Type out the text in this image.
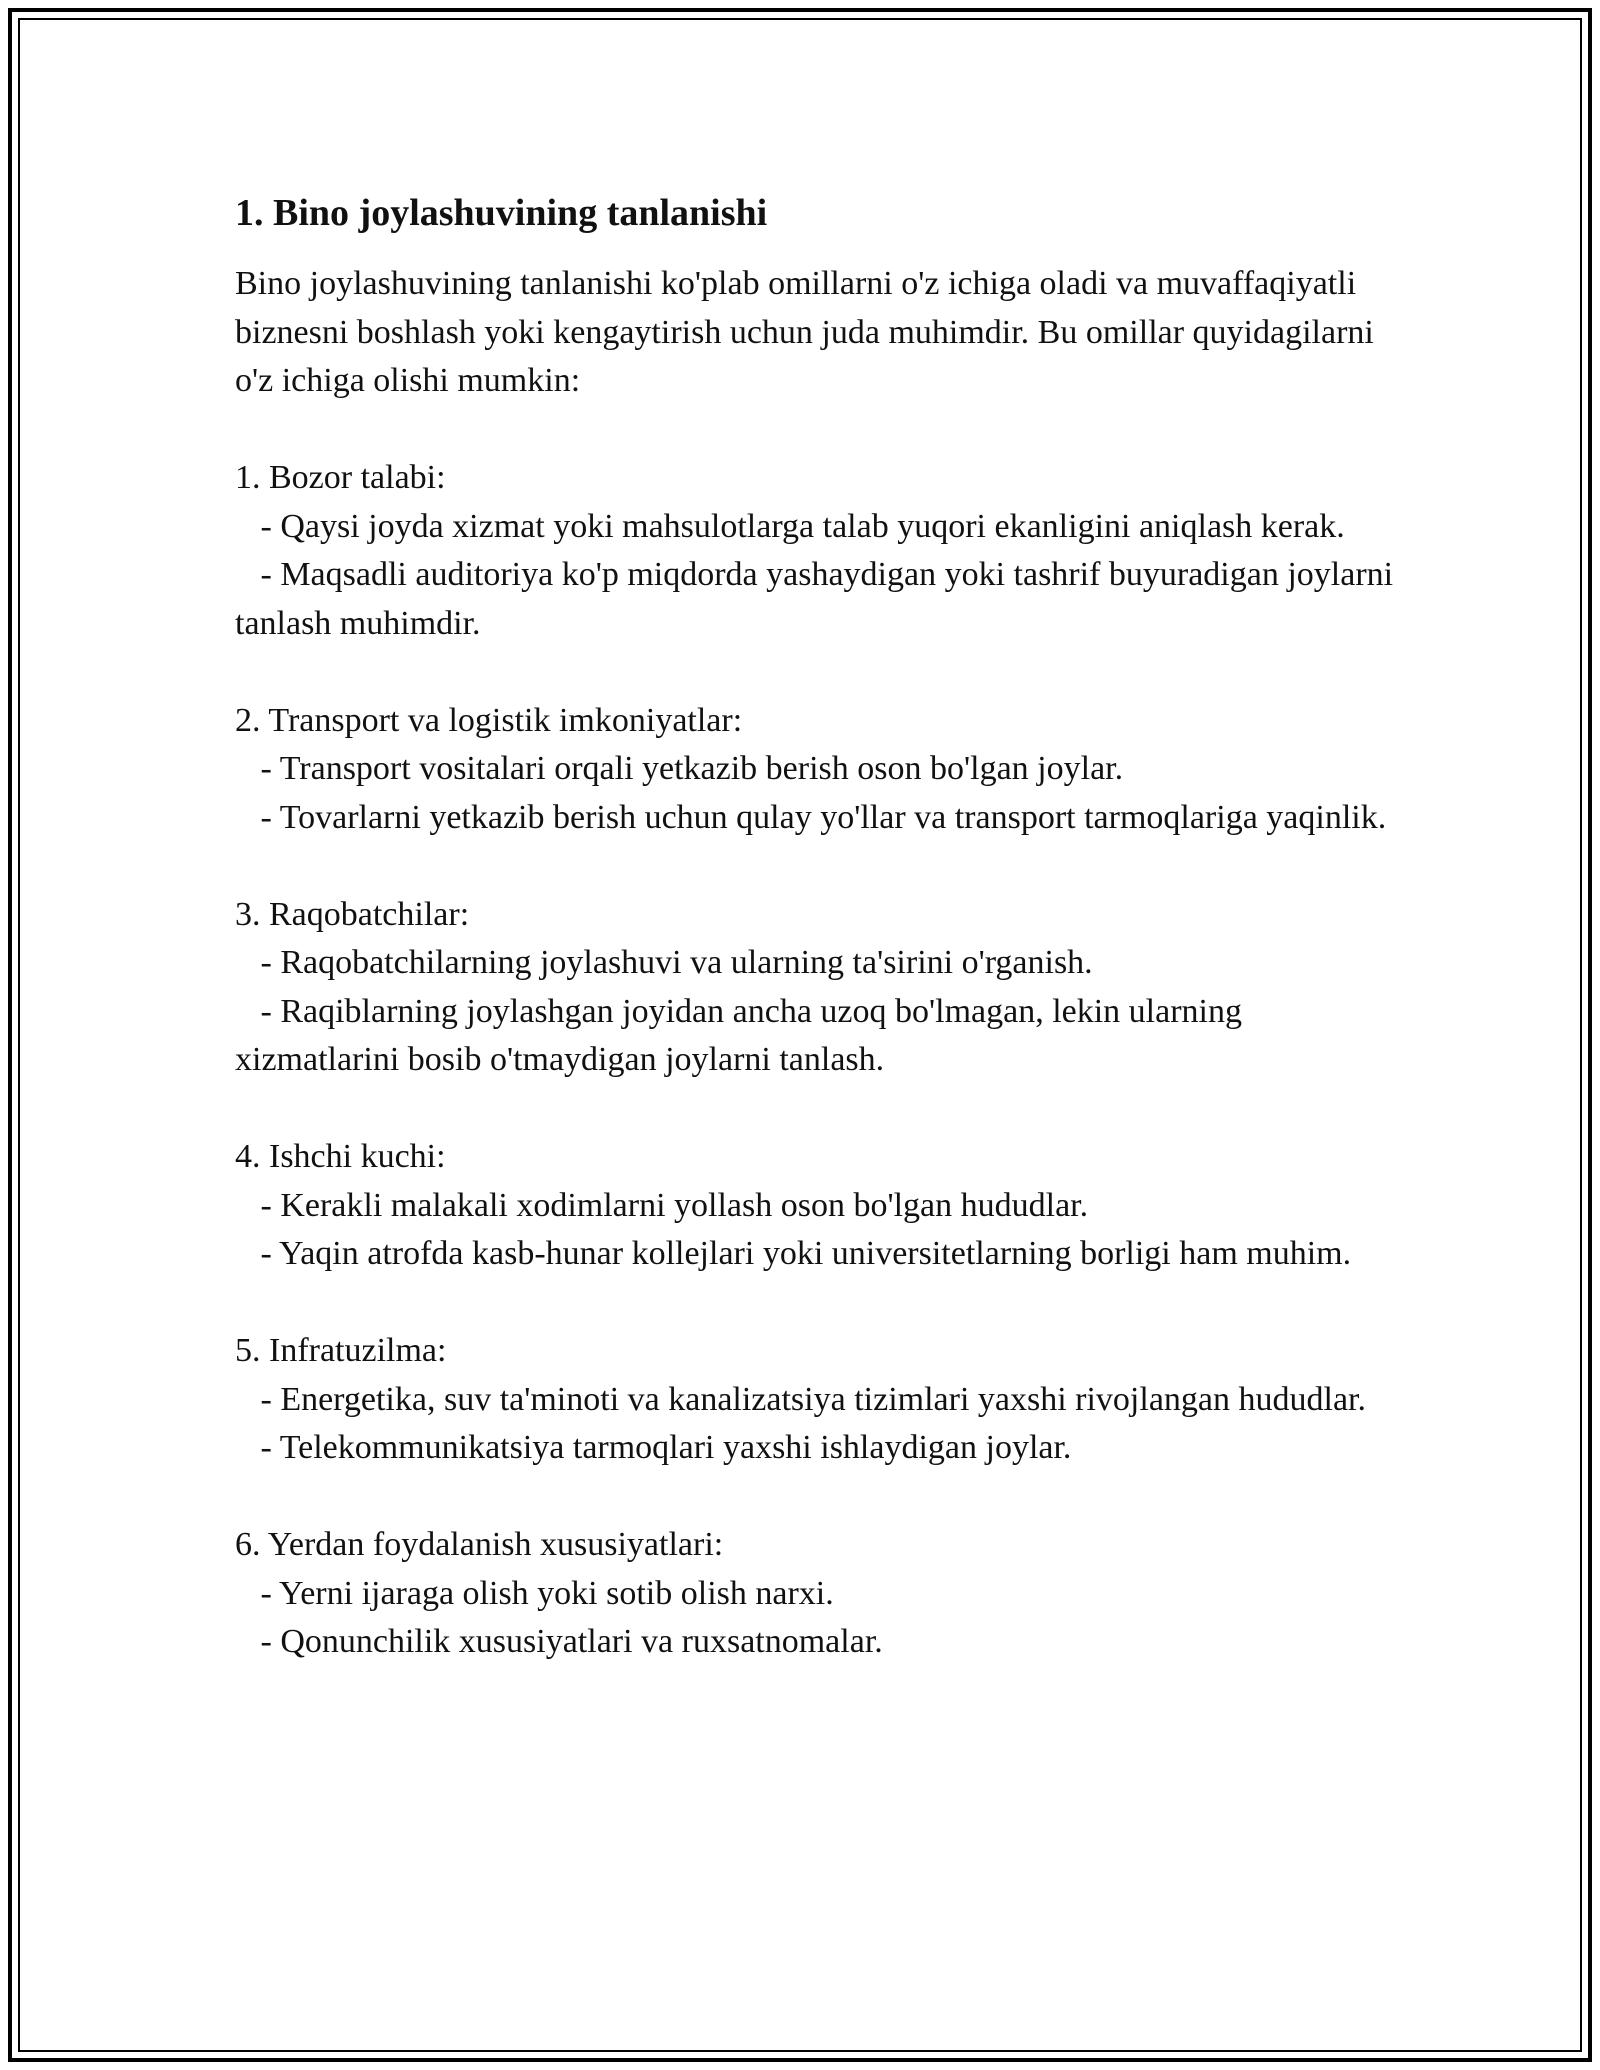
1. Bino joylashuvining tanlanishi

Bino joylashuvining tanlanishi ko'plab omillarni o'z ichiga oladi va muvaffaqiyatli biznesni boshlash yoki kengaytirish uchun juda muhimdir. Bu omillar quyidagilarni o'z ichiga olishi mumkin:

1. Bozor talabi:
- Qaysi joyda xizmat yoki mahsulotlarga talab yuqori ekanligini aniqlash kerak.
- Maqsadli auditoriya ko'p miqdorda yashaydigan yoki tashrif buyuradigan joylarni tanlash muhimdir.
2. Transport va logistik imkoniyatlar:
- Transport vositalari orqali yetkazib berish oson bo'lgan joylar.
- Tovarlarni yetkazib berish uchun qulay yo'llar va transport tarmoqlariga yaqinlik.
3. Raqobatchilar:
- Raqobatchilarning joylashuvi va ularning ta'sirini o'rganish.
- Raqiblarning joylashgan joyidan ancha uzoq bo'lmagan, lekin ularning xizmatlarini bosib o'tmaydigan joylarni tanlash.
4. Ishchi kuchi:
- Kerakli malakali xodimlarni yollash oson bo'lgan hududlar.
- Yaqin atrofda kasb-hunar kollejlari yoki universitetlarning borligi ham muhim.
5. Infratuzilma:
- Energetika, suv ta'minoti va kanalizatsiya tizimlari yaxshi rivojlangan hududlar.
- Telekommunikatsiya tarmoqlari yaxshi ishlaydigan joylar.
6. Yerdan foydalanish xususiyatlari:
- Yerni ijaraga olish yoki sotib olish narxi.
- Qonunchilik xususiyatlari va ruxsatnomalar.
